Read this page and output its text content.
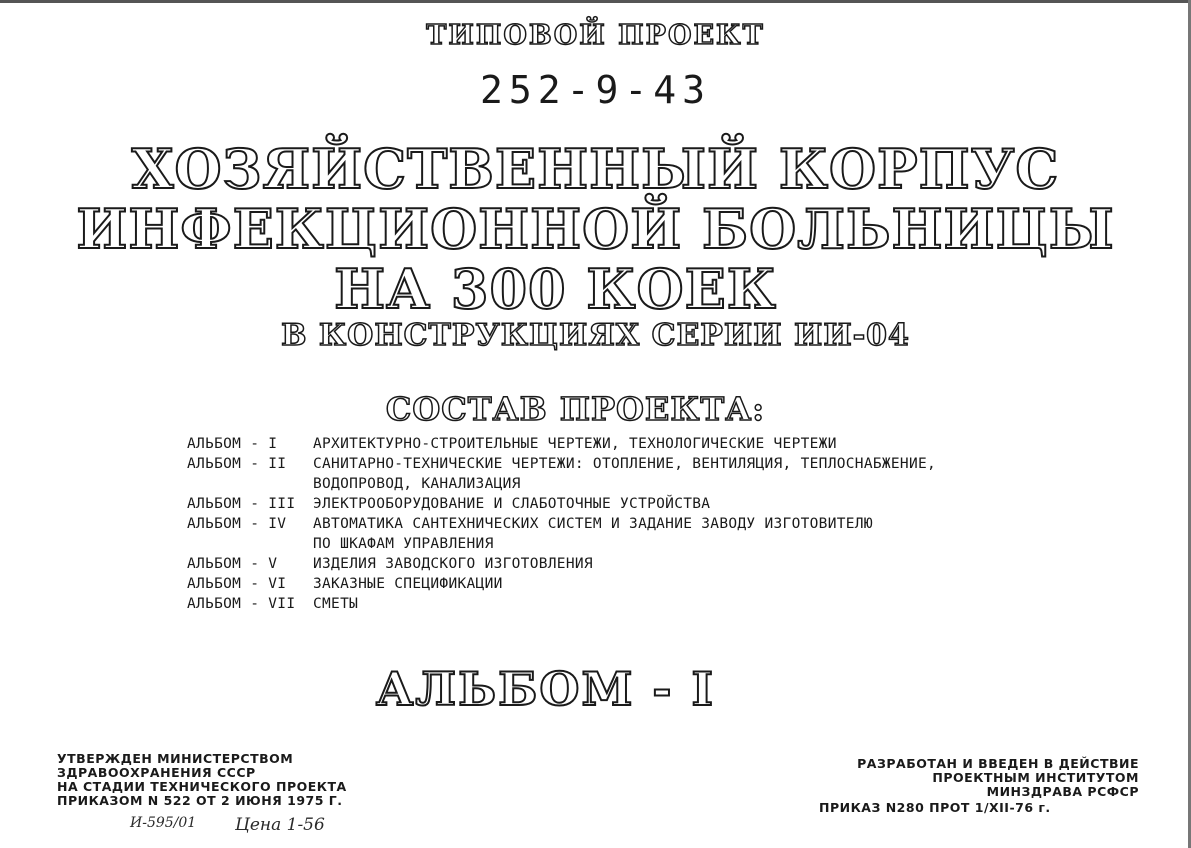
ТИПОВОЙ ПРОЕКТ
252-9-43
ХОЗЯЙСТВЕННЫЙ КОРПУС
ИНФЕКЦИОННОЙ БОЛЬНИЦЫ
НА 300 КОЕК
В КОНСТРУКЦИЯХ СЕРИИ ИИ-04
СОСТАВ ПРОЕКТА:
АЛЬБОМ - I	АРХИТЕКТУРНО-СТРОИТЕЛЬНЫЕ ЧЕРТЕЖИ, ТЕХНОЛОГИЧЕСКИЕ ЧЕРТЕЖИ
АЛЬБОМ - II	САНИТАРНО-ТЕХНИЧЕСКИЕ ЧЕРТЕЖИ: ОТОПЛЕНИЕ, ВЕНТИЛЯЦИЯ, ТЕПЛОСНАБЖЕНИЕ,
ВОДОПРОВОД, КАНАЛИЗАЦИЯ
АЛЬБОМ - III	ЭЛЕКТРООБОРУДОВАНИЕ И СЛАБОТОЧНЫЕ УСТРОЙСТВА
АЛЬБОМ - IV	АВТОМАТИКА САНТЕХНИЧЕСКИХ СИСТЕМ И ЗАДАНИЕ ЗАВОДУ ИЗГОТОВИТЕЛЮ
ПО ШКАФАМ УПРАВЛЕНИЯ
АЛЬБОМ - V	ИЗДЕЛИЯ ЗАВОДСКОГО ИЗГОТОВЛЕНИЯ
АЛЬБОМ - VI	ЗАКАЗНЫЕ СПЕЦИФИКАЦИИ
АЛЬБОМ - VII	СМЕТЫ
АЛЬБОМ - I
УТВЕРЖДЕН МИНИСТЕРСТВОМ
ЗДРАВООХРАНЕНИЯ СССР
НА СТАДИИ ТЕХНИЧЕСКОГО ПРОЕКТА
ПРИКАЗОМ N 522 ОТ 2 ИЮНЯ 1975 Г.
И-595/01 Цена 1-56
РАЗРАБОТАН И ВВЕДЕН В ДЕЙСТВИЕ
ПРОЕКТНЫМ ИНСТИТУТОМ
МИНЗДРАВА РСФСР
ПРИКАЗ N280 ПРОТ 1/XII-76 г.
